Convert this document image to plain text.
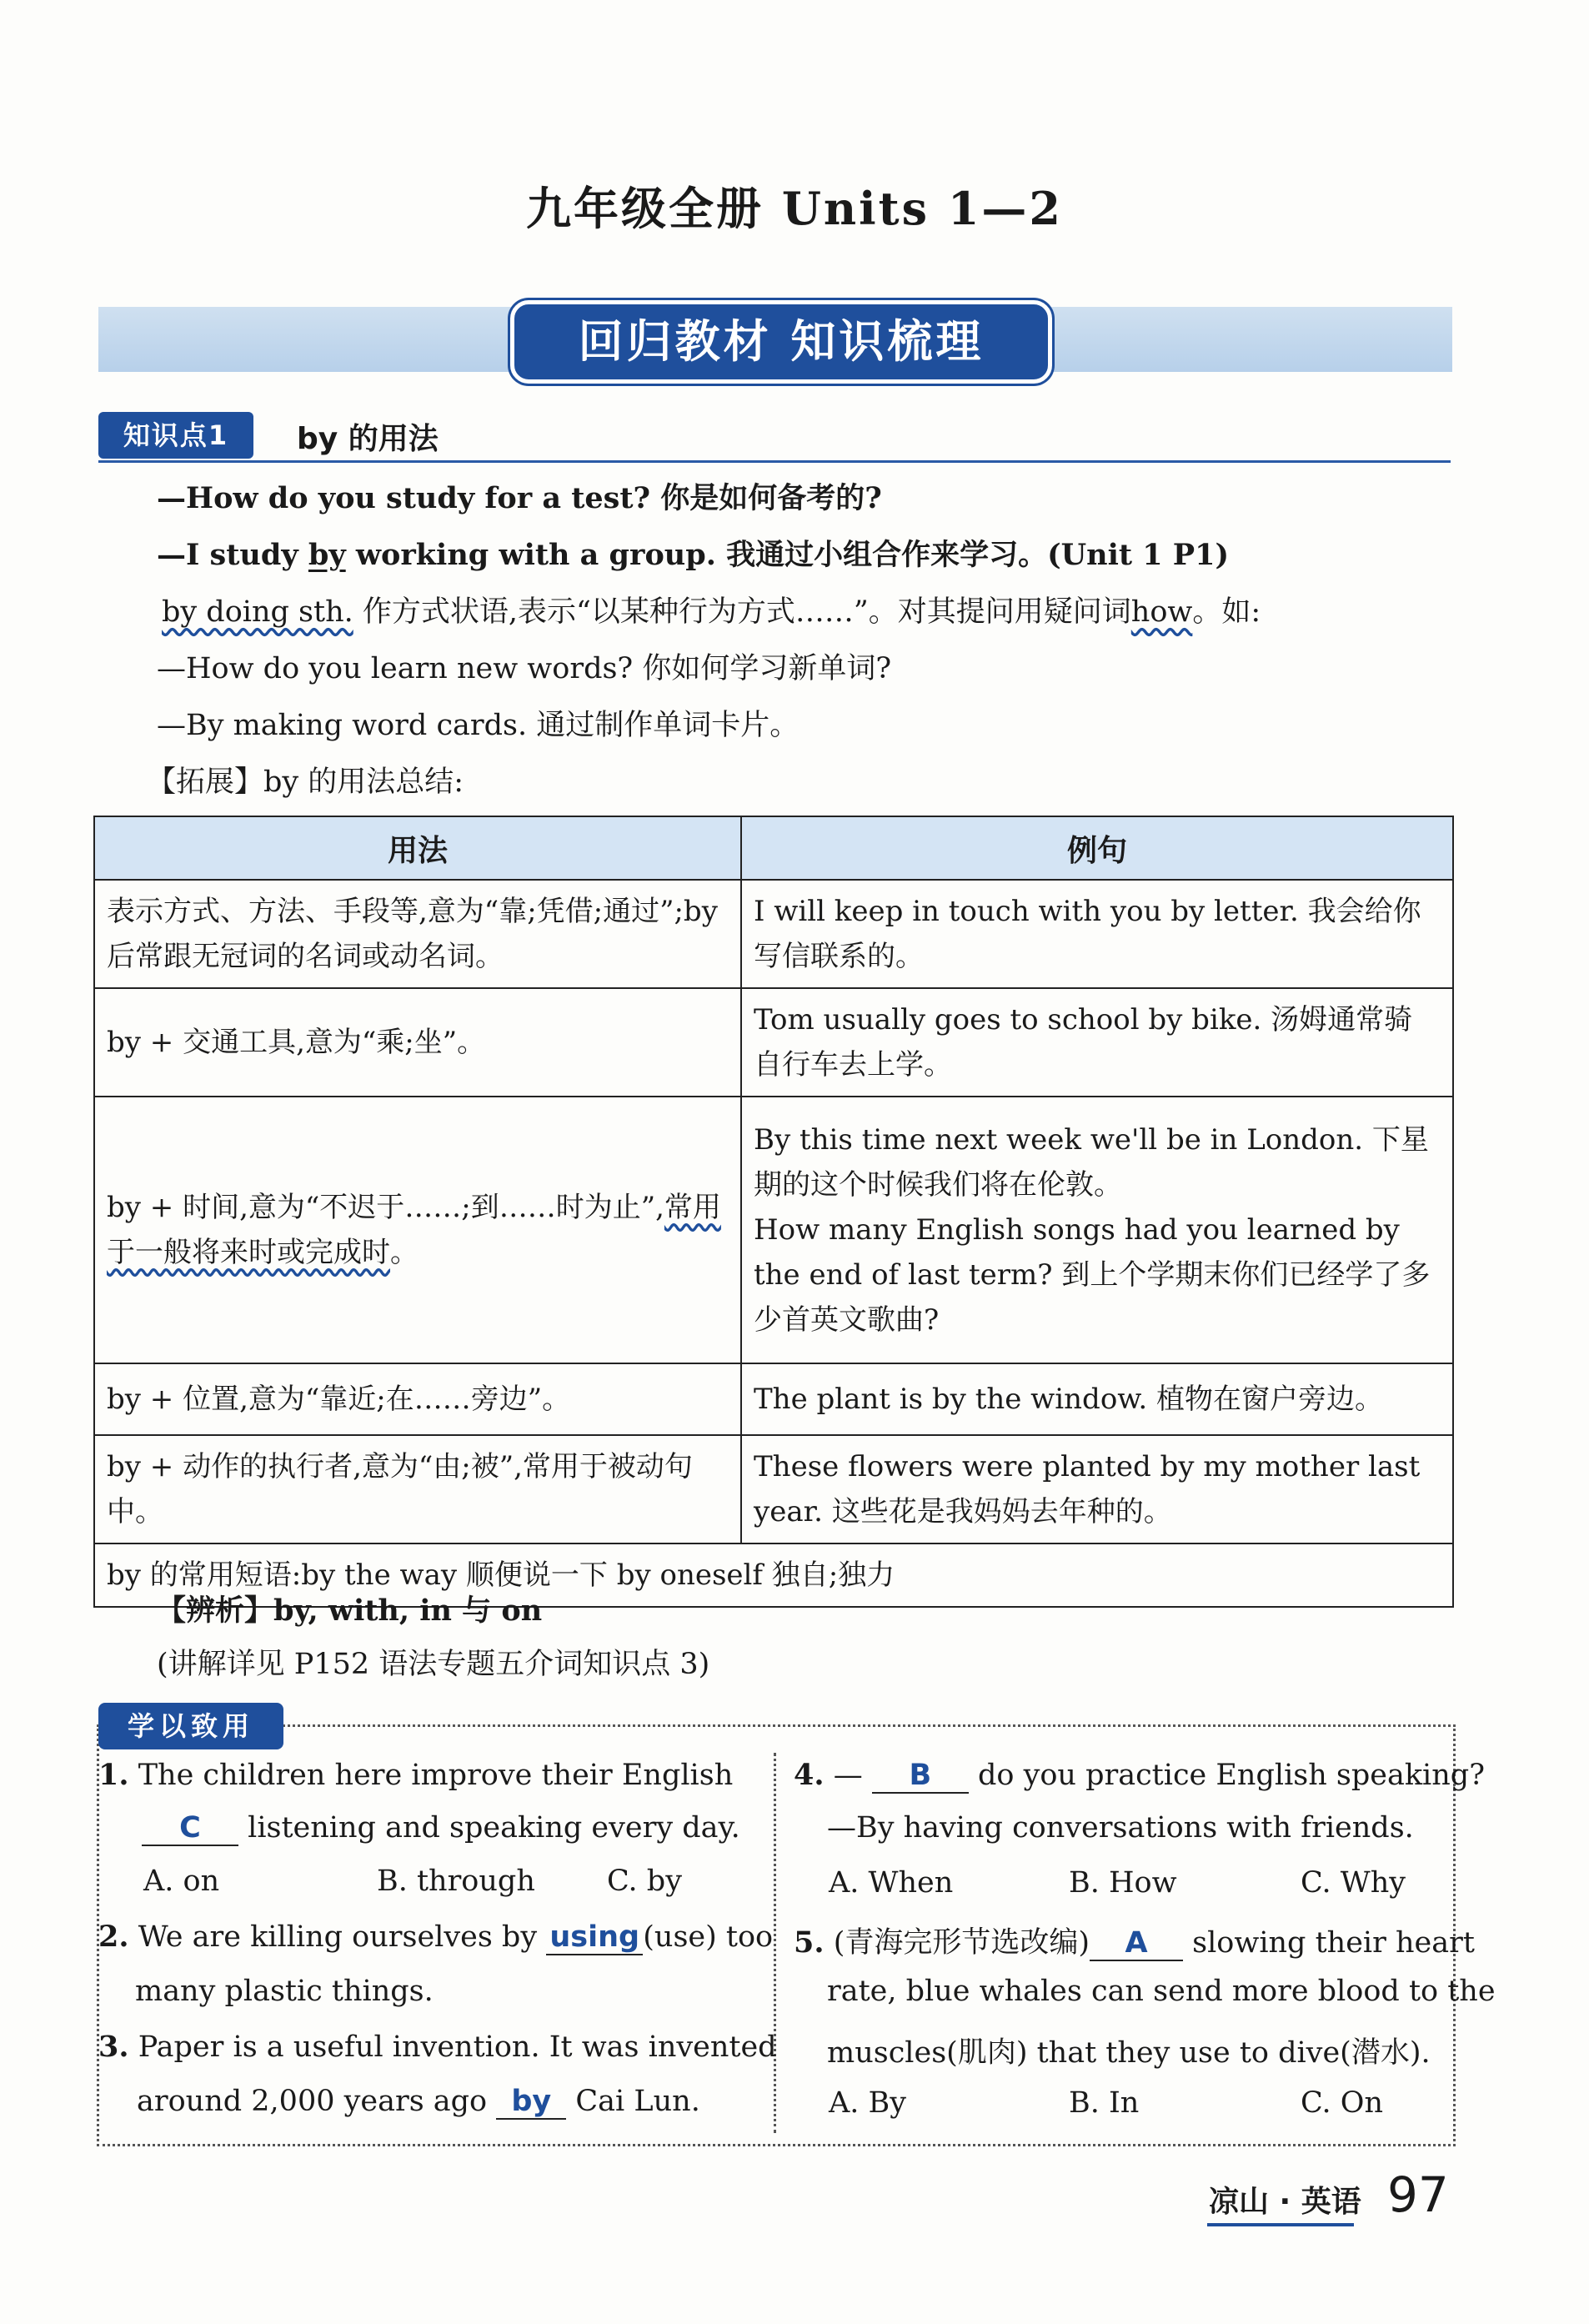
九年级全册 Units 1—2
回归教材 知识梳理
知识点1	by 的用法
—How do you study for a test? 你是如何备考的?
—I study by working with a group. 我通过小组合作来学习。(Unit 1 P1)
by doing sth. 作方式状语,表示“以某种行为方式……”。对其提问用疑问词how。如:
—How do you learn new words? 你如何学习新单词?
—By making word cards. 通过制作单词卡片。
【拓展】by 的用法总结:
用法	例句
表示方式、方法、手段等,意为“靠;凭借;通过”;by 后常跟无冠词的名词或动名词。	I will keep in touch with you by letter. 我会给你写信联系的。
by + 交通工具,意为“乘;坐”。	Tom usually goes to school by bike. 汤姆通常骑自行车去上学。
by + 时间,意为“不迟于……;到……时为止”,常用于一般将来时或完成时。	By this time next week we'll be in London. 下星期的这个时候我们将在伦敦。
How many English songs had you learned by the end of last term? 到上个学期末你们已经学了多少首英文歌曲?

by + 位置,意为“靠近;在……旁边”。	The plant is by the window. 植物在窗户旁边。
by + 动作的执行者,意为“由;被”,常用于被动句中。	These flowers were planted by my mother last year. 这些花是我妈妈去年种的。
by 的常用短语:by the way 顺便说一下 by oneself 独自;独力	
【辨析】by, with, in 与 on
(讲解详见 P152 语法专题五介词知识点 3)
学以致用
1. The children here improve their English
C listening and speaking every day.
A. on	B. through C. by
2. We are killing ourselves by using (use) too
many plastic things.
3. Paper is a useful invention. It was invented
around 2,000 years ago by Cai Lun.
4. — B do you practice English speaking?
—By having conversations with friends.
A. When	B. How	C. Why
5. (青海完形节选改编) A slowing their heart
rate, blue whales can send more blood to the
muscles(肌肉) that they use to dive(潜水).
A. By	B. In	C. On
凉山 · 英语 97
